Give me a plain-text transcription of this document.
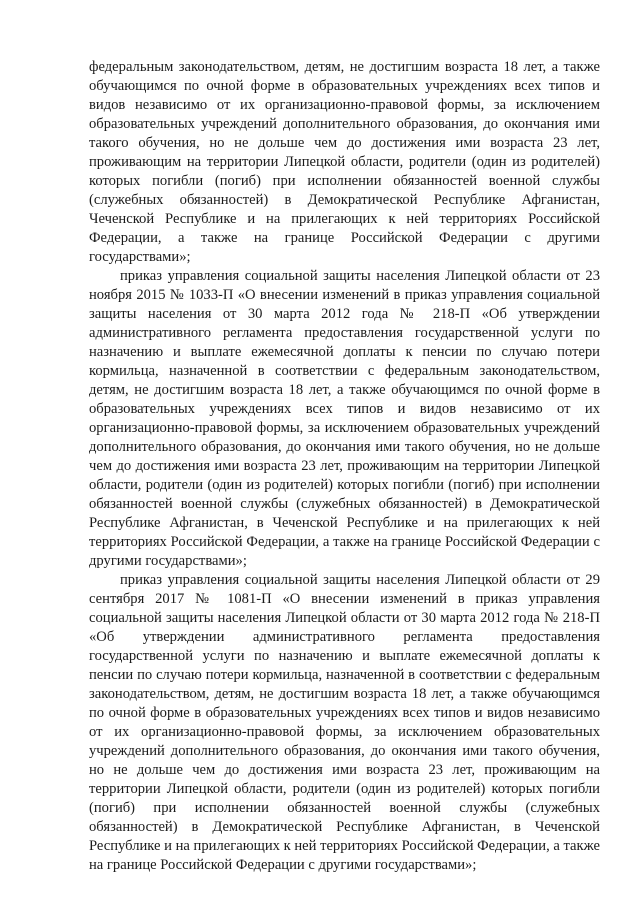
федеральным законодательством, детям, не достигшим возраста 18 лет, а также обучающимся по очной форме в образовательных учреждениях всех типов и видов независимо от их организационно-правовой формы, за исключением образовательных учреждений дополнительного образования, до окончания ими такого обучения, но не дольше чем до достижения ими возраста 23 лет, проживающим на территории Липецкой области, родители (один из родителей) которых погибли (погиб) при исполнении обязанностей военной службы (служебных обязанностей) в Демократической Республике Афганистан, Чеченской Республике и на прилегающих к ней территориях Российской Федерации, а также на границе Российской Федерации с другими государствами»;

приказ управления социальной защиты населения Липецкой области от 23 ноября 2015 № 1033-П «О внесении изменений в приказ управления социальной защиты населения от 30 марта 2012 года № 218-П «Об утверждении административного регламента предоставления государственной услуги по назначению и выплате ежемесячной доплаты к пенсии по случаю потери кормильца, назначенной в соответствии с федеральным законодательством, детям, не достигшим возраста 18 лет, а также обучающимся по очной форме в образовательных учреждениях всех типов и видов независимо от их организационно-правовой формы, за исключением образовательных учреждений дополнительного образования, до окончания ими такого обучения, но не дольше чем до достижения ими возраста 23 лет, проживающим на территории Липецкой области, родители (один из родителей) которых погибли (погиб) при исполнении обязанностей военной службы (служебных обязанностей) в Демократической Республике Афганистан, в Чеченской Республике и на прилегающих к ней территориях Российской Федерации, а также на границе Российской Федерации с другими государствами»;

приказ управления социальной защиты населения Липецкой области от 29 сентября 2017 № 1081-П «О внесении изменений в приказ управления социальной защиты населения Липецкой области от 30 марта 2012 года № 218-П «Об утверждении административного регламента предоставления государственной услуги по назначению и выплате ежемесячной доплаты к пенсии по случаю потери кормильца, назначенной в соответствии с федеральным законодательством, детям, не достигшим возраста 18 лет, а также обучающимся по очной форме в образовательных учреждениях всех типов и видов независимо от их организационно-правовой формы, за исключением образовательных учреждений дополнительного образования, до окончания ими такого обучения, но не дольше чем до достижения ими возраста 23 лет, проживающим на территории Липецкой области, родители (один из родителей) которых погибли (погиб) при исполнении обязанностей военной службы (служебных обязанностей) в Демократической Республике Афганистан, в Чеченской Республике и на прилегающих к ней территориях Российской Федерации, а также на границе Российской Федерации с другими государствами»;
